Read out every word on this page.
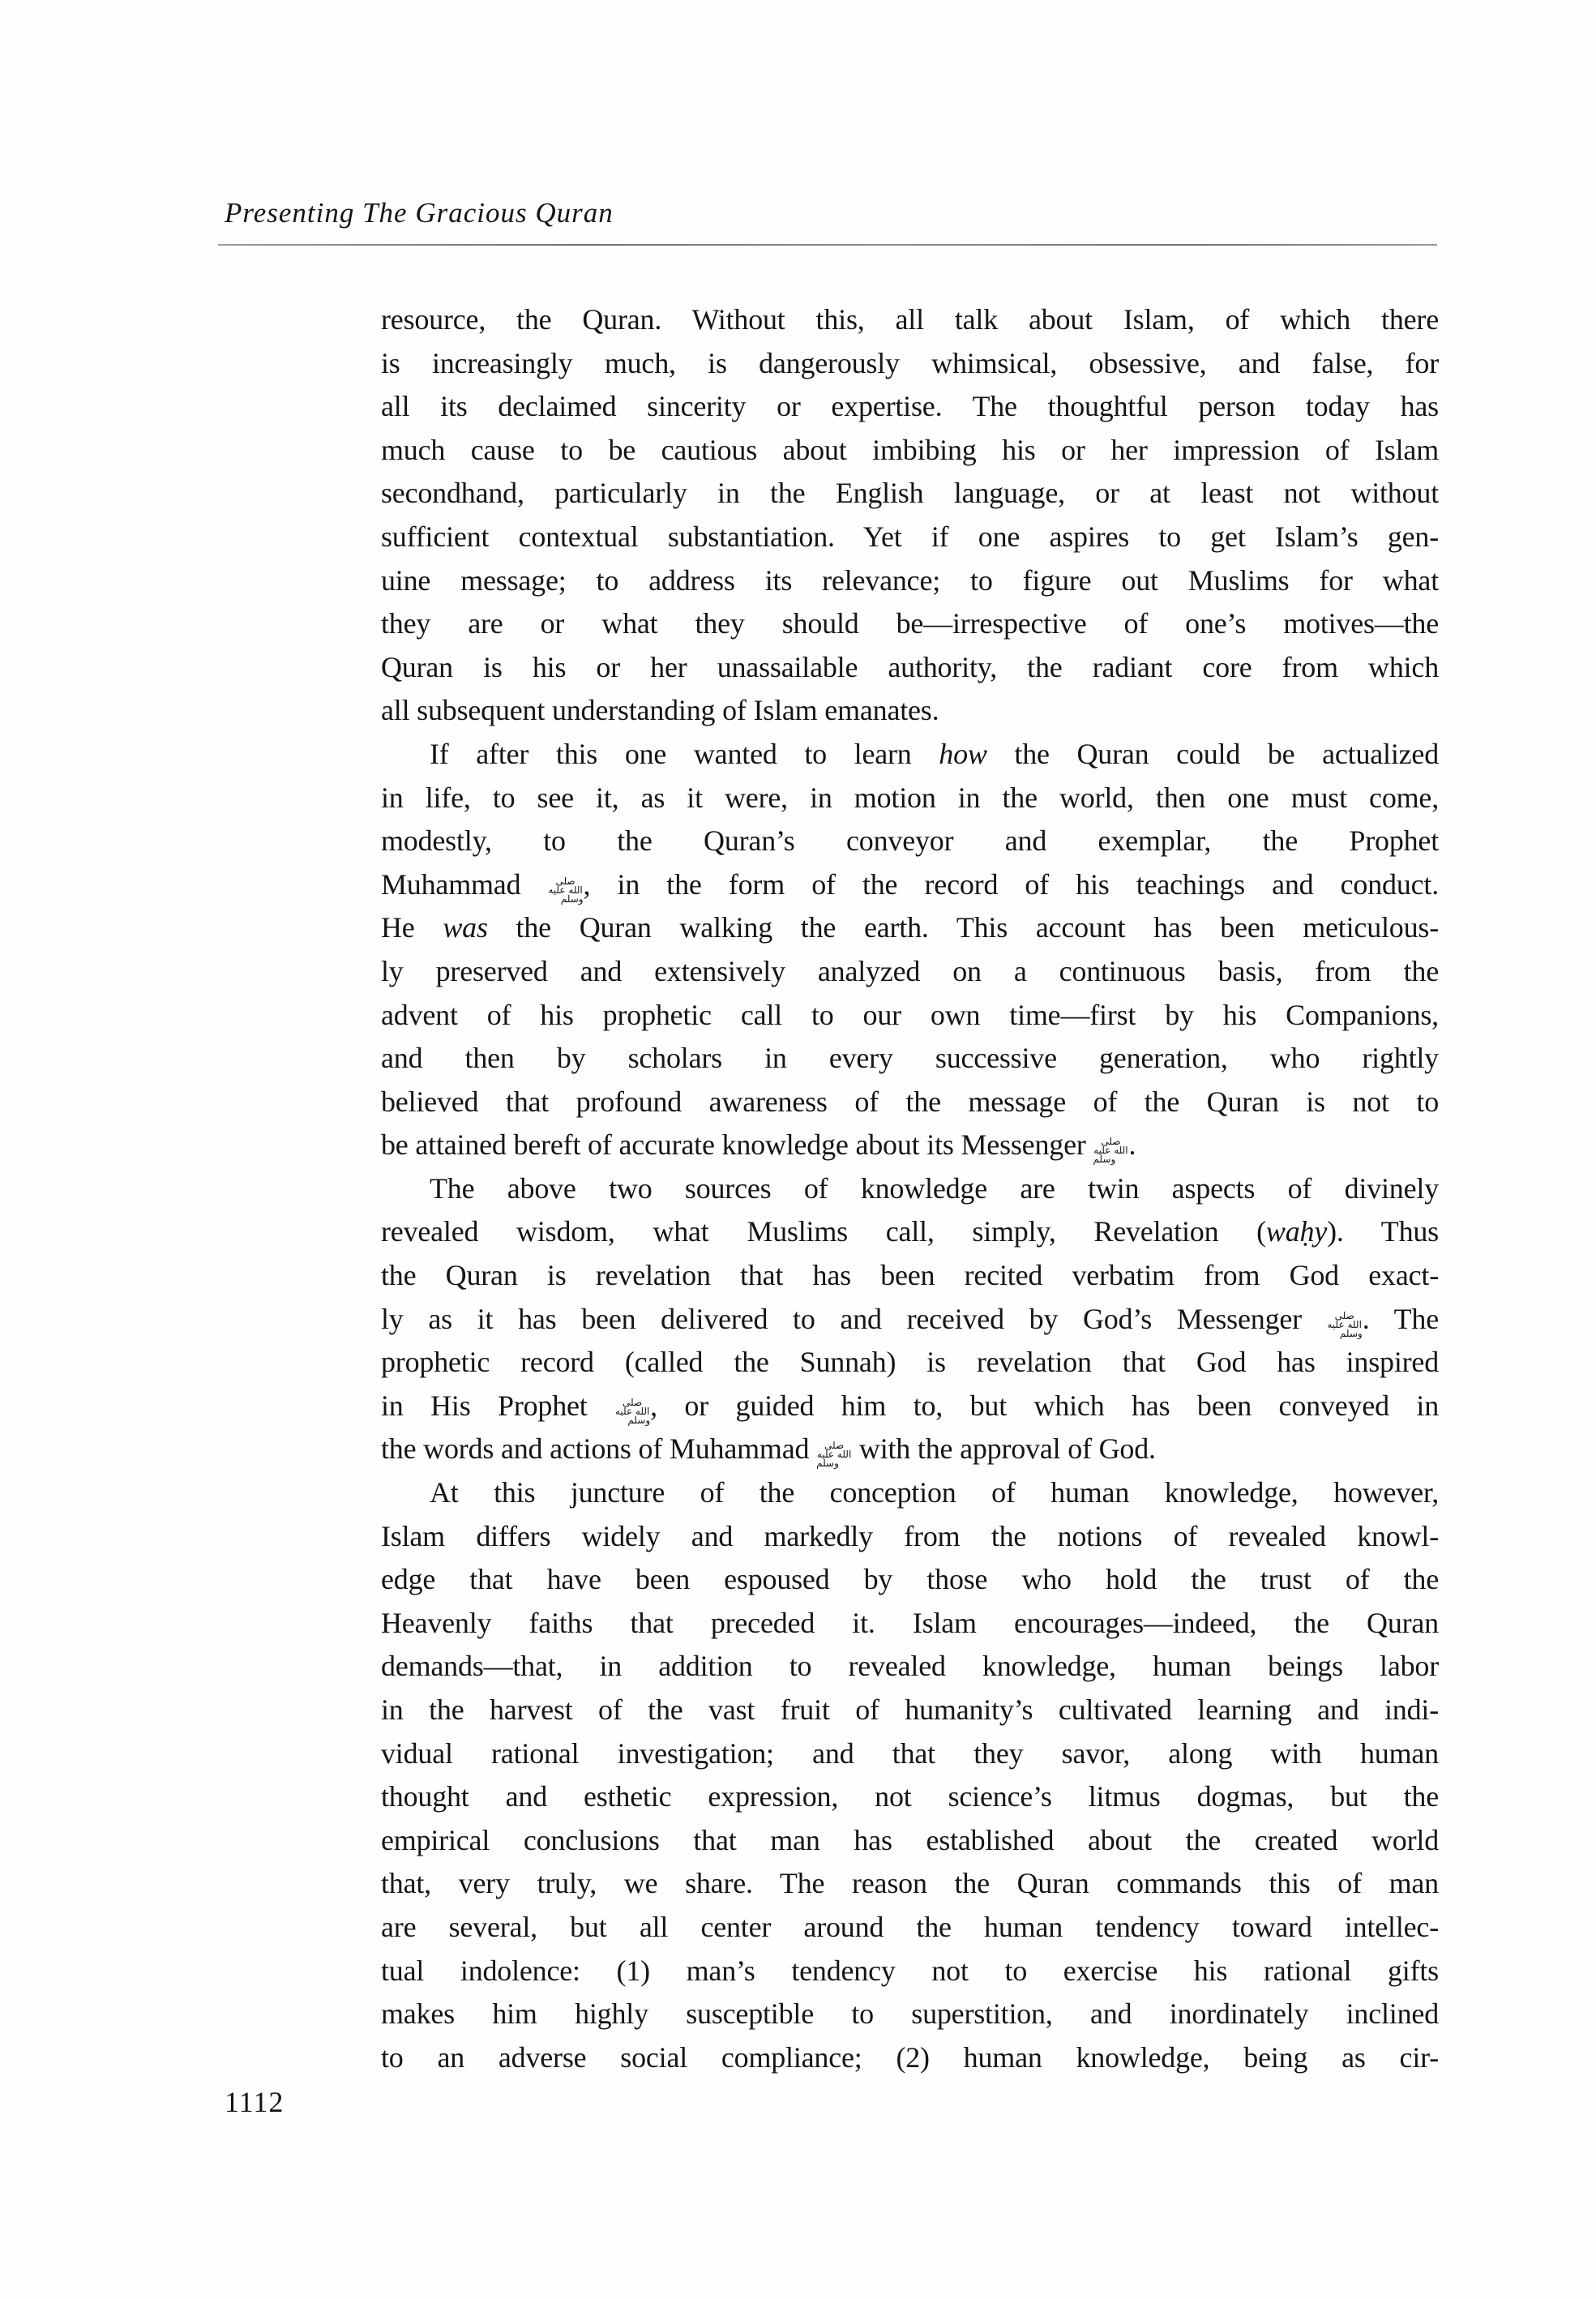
Presenting The Gracious Quran
resource, the Quran. Without this, all talk about Islam, of which there
is increasingly much, is dangerously whimsical, obsessive, and false, for
all its declaimed sincerity or expertise. The thoughtful person today has
much cause to be cautious about imbibing his or her impression of Islam
secondhand, particularly in the English language, or at least not without
sufficient contextual substantiation. Yet if one aspires to get Islam’s gen-
uine message; to address its relevance; to figure out Muslims for what
they are or what they should be—irrespective of one’s motives—the
Quran is his or her unassailable authority, the radiant core from which
all subsequent understanding of Islam emanates.
If after this one wanted to learn how the Quran could be actualized
in life, to see it, as it were, in motion in the world, then one must come,
modestly, to the Quran’s conveyor and exemplar, the Prophet
Muhammad صلى الله عليه وسلم, in the form of the record of his teachings and conduct.
He was the Quran walking the earth. This account has been meticulous-
ly preserved and extensively analyzed on a continuous basis, from the
advent of his prophetic call to our own time—first by his Companions,
and then by scholars in every successive generation, who rightly
believed that profound awareness of the message of the Quran is not to
be attained bereft of accurate knowledge about its Messenger صلى الله عليه وسلم .
The above two sources of knowledge are twin aspects of divinely
revealed wisdom, what Muslims call, simply, Revelation (waḥy). Thus
the Quran is revelation that has been recited verbatim from God exact-
ly as it has been delivered to and received by God’s Messenger صلى الله عليه وسلم. The
prophetic record (called the Sunnah) is revelation that God has inspired
in His Prophet صلى الله عليه وسلم, or guided him to, but which has been conveyed in
the words and actions of Muhammad صلى الله عليه وسلم with the approval of God.
At this juncture of the conception of human knowledge, however,
Islam differs widely and markedly from the notions of revealed knowl-
edge that have been espoused by those who hold the trust of the
Heavenly faiths that preceded it. Islam encourages—indeed, the Quran
demands—that, in addition to revealed knowledge, human beings labor
in the harvest of the vast fruit of humanity’s cultivated learning and indi-
vidual rational investigation; and that they savor, along with human
thought and esthetic expression, not science’s litmus dogmas, but the
empirical conclusions that man has established about the created world
that, very truly, we share. The reason the Quran commands this of man
are several, but all center around the human tendency toward intellec-
tual indolence: (1) man’s tendency not to exercise his rational gifts
makes him highly susceptible to superstition, and inordinately inclined
to an adverse social compliance; (2) human knowledge, being as cir-
1112
